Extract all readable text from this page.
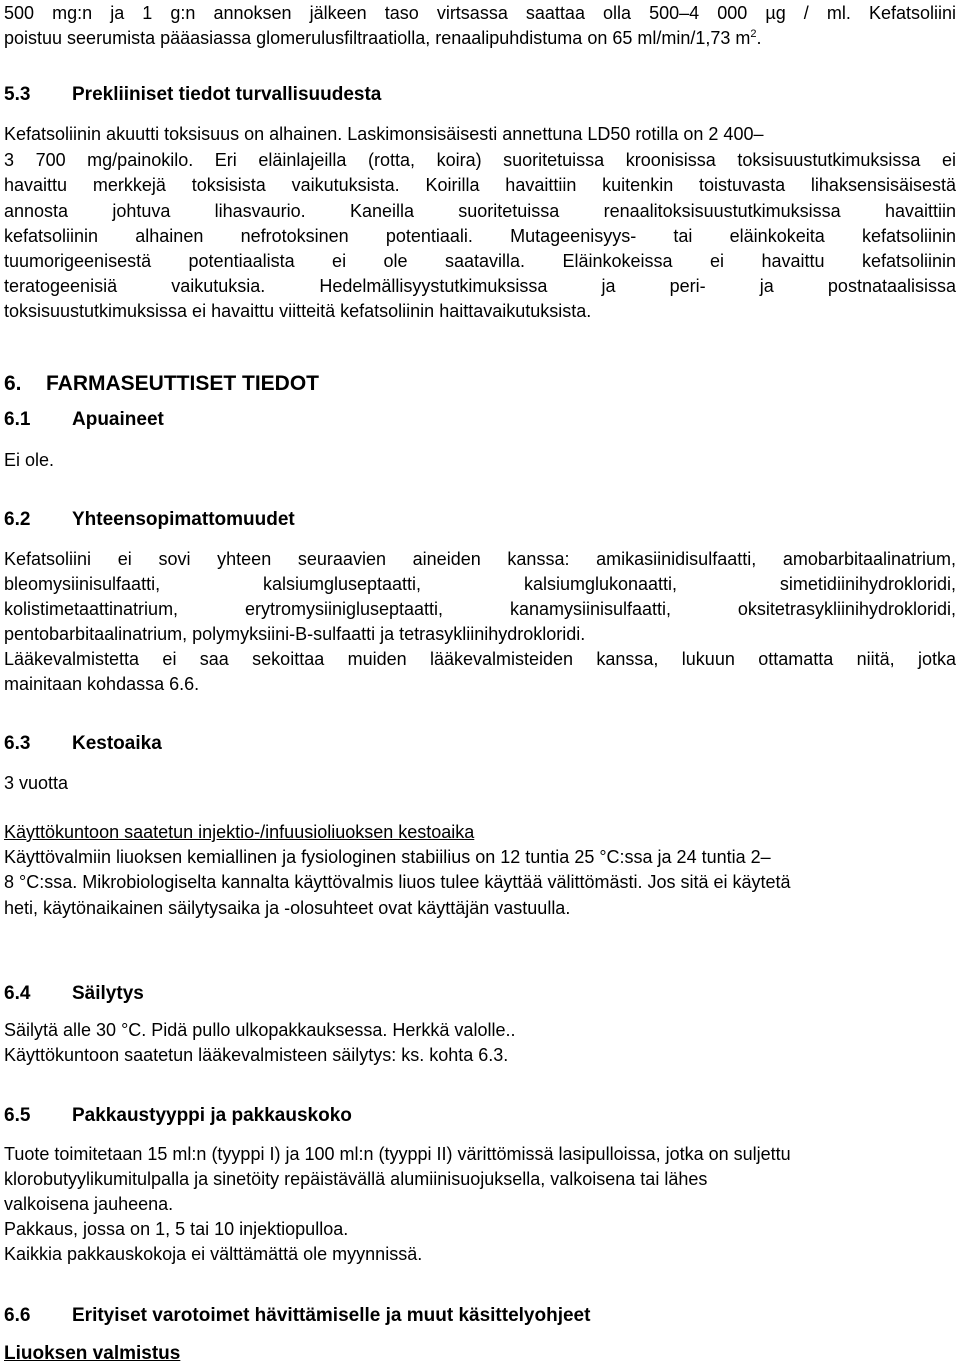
500 mg:n ja 1 g:n annoksen jälkeen taso virtsassa saattaa olla 500–4 000 µg / ml. Kefatsoliini
poistuu seerumista pääasiassa glomerulusfiltraatiolla, renaalipuhdistuma on 65 ml/min/1,73 $m^2$.
5.3 Prekliiniset tiedot turvallisuudesta
Kefatsoliinin akuutti toksisuus on alhainen. Laskimonsisäisesti annettuna LD50 rotilla on 2 400–
3 700 mg/painokilo. Eri eläinlajeilla (rotta, koira) suoritetuissa kroonisissa toksisuustutkimuksissa ei
havaittu merkkejä toksisista vaikutuksista. Koirilla havaittiin kuitenkin toistuvasta lihaksensisäisestä
annosta johtuva lihasvaurio. Kaneilla suoritetuissa renaalitoksisuustutkimuksissa havaittiin
kefatsoliinin alhainen nefrotoksinen potentiaali. Mutageenisyys- tai eläinkokeita kefatsoliinin
tuumorigeenisestä potentiaalista ei ole saatavilla. Eläinkokeissa ei havaittu kefatsoliinin
teratogeenisiä vaikutuksia. Hedelmällisyystutkimuksissa ja peri- ja postnataalisissa
toksisuustutkimuksissa ei havaittu viitteitä kefatsoliinin haittavaikutuksista.
6. FARMASEUTTISET TIEDOT
6.1 Apuaineet
Ei ole.
6.2 Yhteensopimattomuudet
Kefatsoliini ei sovi yhteen seuraavien aineiden kanssa: amikasiinidisulfaatti, amobarbitaalinatrium,
bleomysiinisulfaatti, kalsiumgluseptaatti, kalsiumglukonaatti, simetidiinihydrokloridi,
kolistimetaattinatrium, erytromysiinigluseptaatti, kanamysiinisulfaatti, oksitetrasykliinihydrokloridi,
pentobarbitaalinatrium, polymyksiini-B-sulfaatti ja tetrasykliinihydrokloridi.
Lääkevalmistetta ei saa sekoittaa muiden lääkevalmisteiden kanssa, lukuun ottamatta niitä, jotka
mainitaan kohdassa 6.6.
6.3 Kestoaika
3 vuotta
Käyttökuntoon saatetun injektio-/infuusioliuoksen kestoaika
Käyttövalmiin liuoksen kemiallinen ja fysiologinen stabiilius on 12 tuntia 25 °C:ssa ja 24 tuntia 2–
8 °C:ssa. Mikrobiologiselta kannalta käyttövalmis liuos tulee käyttää välittömästi. Jos sitä ei käytetä
heti, käytönaikainen säilytysaika ja -olosuhteet ovat käyttäjän vastuulla.
6.4 Säilytys
Säilytä alle 30 °C. Pidä pullo ulkopakkauksessa. Herkkä valolle..
Käyttökuntoon saatetun lääkevalmisteen säilytys: ks. kohta 6.3.
6.5 Pakkaustyyppi ja pakkauskoko
Tuote toimitetaan 15 ml:n (tyyppi I) ja 100 ml:n (tyyppi II) värittömissä lasipulloissa, jotka on suljettu
klorobutyylikumitulpalla ja sinetöity repäistävällä alumiinisuojuksella, valkoisena tai lähes
valkoisena jauheena.
Pakkaus, jossa on 1, 5 tai 10 injektiopulloa.
Kaikkia pakkauskokoja ei välttämättä ole myynnissä.
6.6 Erityiset varotoimet hävittämiselle ja muut käsittelyohjeet
Liuoksen valmistus
